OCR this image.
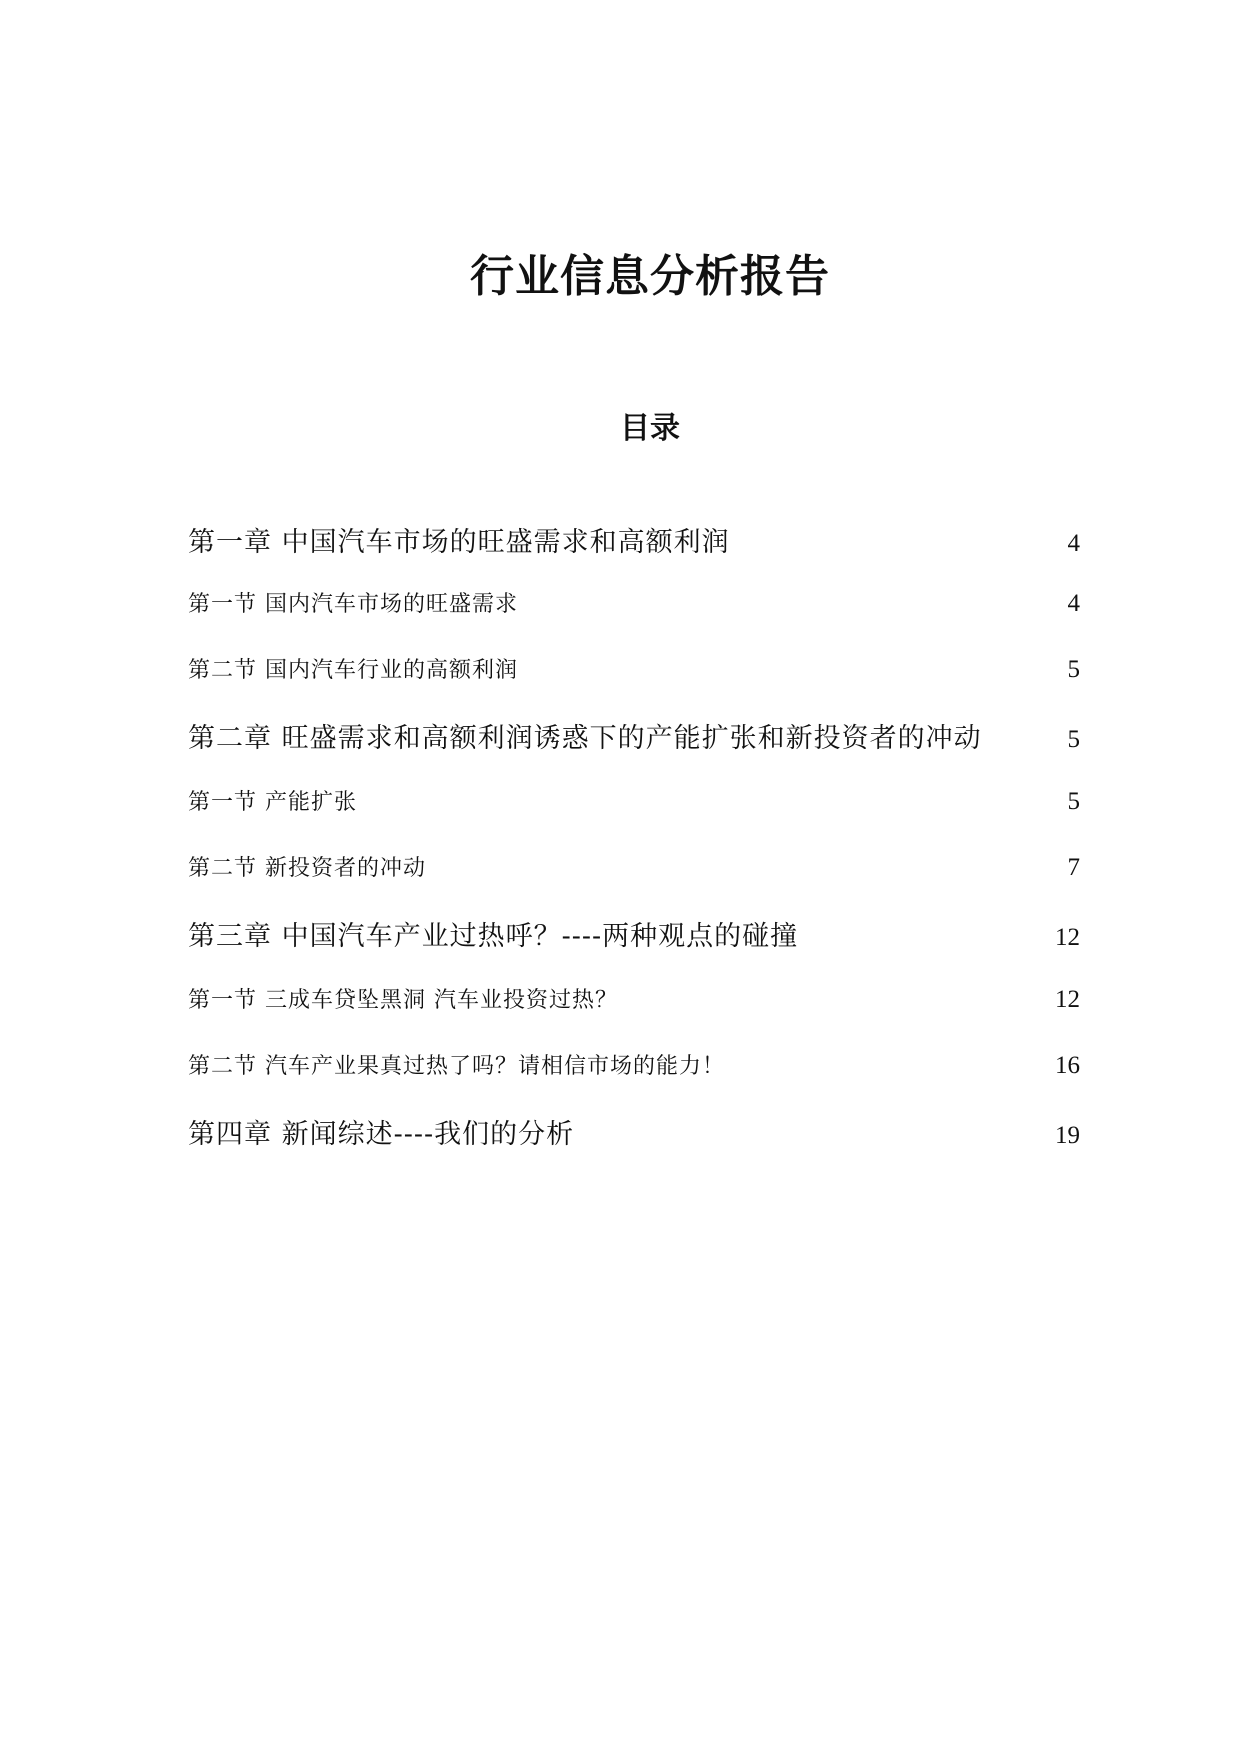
行业信息分析报告
目录
第一章 中国汽车市场的旺盛需求和高额利润	4
第一节 国内汽车市场的旺盛需求	4
第二节 国内汽车行业的高额利润	5
第二章 旺盛需求和高额利润诱惑下的产能扩张和新投资者的冲动	5
第一节 产能扩张	5
第二节 新投资者的冲动	7
第三章 中国汽车产业过热呼？----两种观点的碰撞	12
第一节 三成车贷坠黑洞 汽车业投资过热？	12
第二节 汽车产业果真过热了吗？请相信市场的能力！	16
第四章 新闻综述----我们的分析	19
